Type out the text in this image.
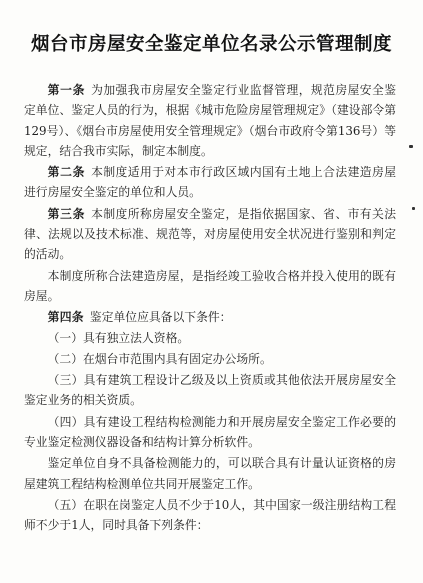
烟台市房屋安全鉴定单位名录公示管理制度

第一条 为加强我市房屋安全鉴定行业监督管理，规范房屋安全鉴定单位、鉴定人员的行为，根据《城市危险房屋管理规定》（建设部令第129号）、《烟台市房屋使用安全管理规定》（烟台市政府令第136号）等规定，结合我市实际，制定本制度。

第二条 本制度适用于对本市行政区域内国有土地上合法建造房屋进行房屋安全鉴定的单位和人员。

第三条 本制度所称房屋安全鉴定，是指依据国家、省、市有关法律、法规以及技术标准、规范等，对房屋使用安全状况进行鉴别和判定的活动。

本制度所称合法建造房屋，是指经竣工验收合格并投入使用的既有房屋。

第四条 鉴定单位应具备以下条件：

（一）具有独立法人资格。

（二）在烟台市范围内具有固定办公场所。

（三）具有建筑工程设计乙级及以上资质或其他依法开展房屋安全鉴定业务的相关资质。

（四）具有建设工程结构检测能力和开展房屋安全鉴定工作必要的专业鉴定检测仪器设备和结构计算分析软件。

鉴定单位自身不具备检测能力的，可以联合具有计量认证资格的房屋建筑工程结构检测单位共同开展鉴定工作。

（五）在职在岗鉴定人员不少于10人，其中国家一级注册结构工程师不少于1人，同时具备下列条件：
